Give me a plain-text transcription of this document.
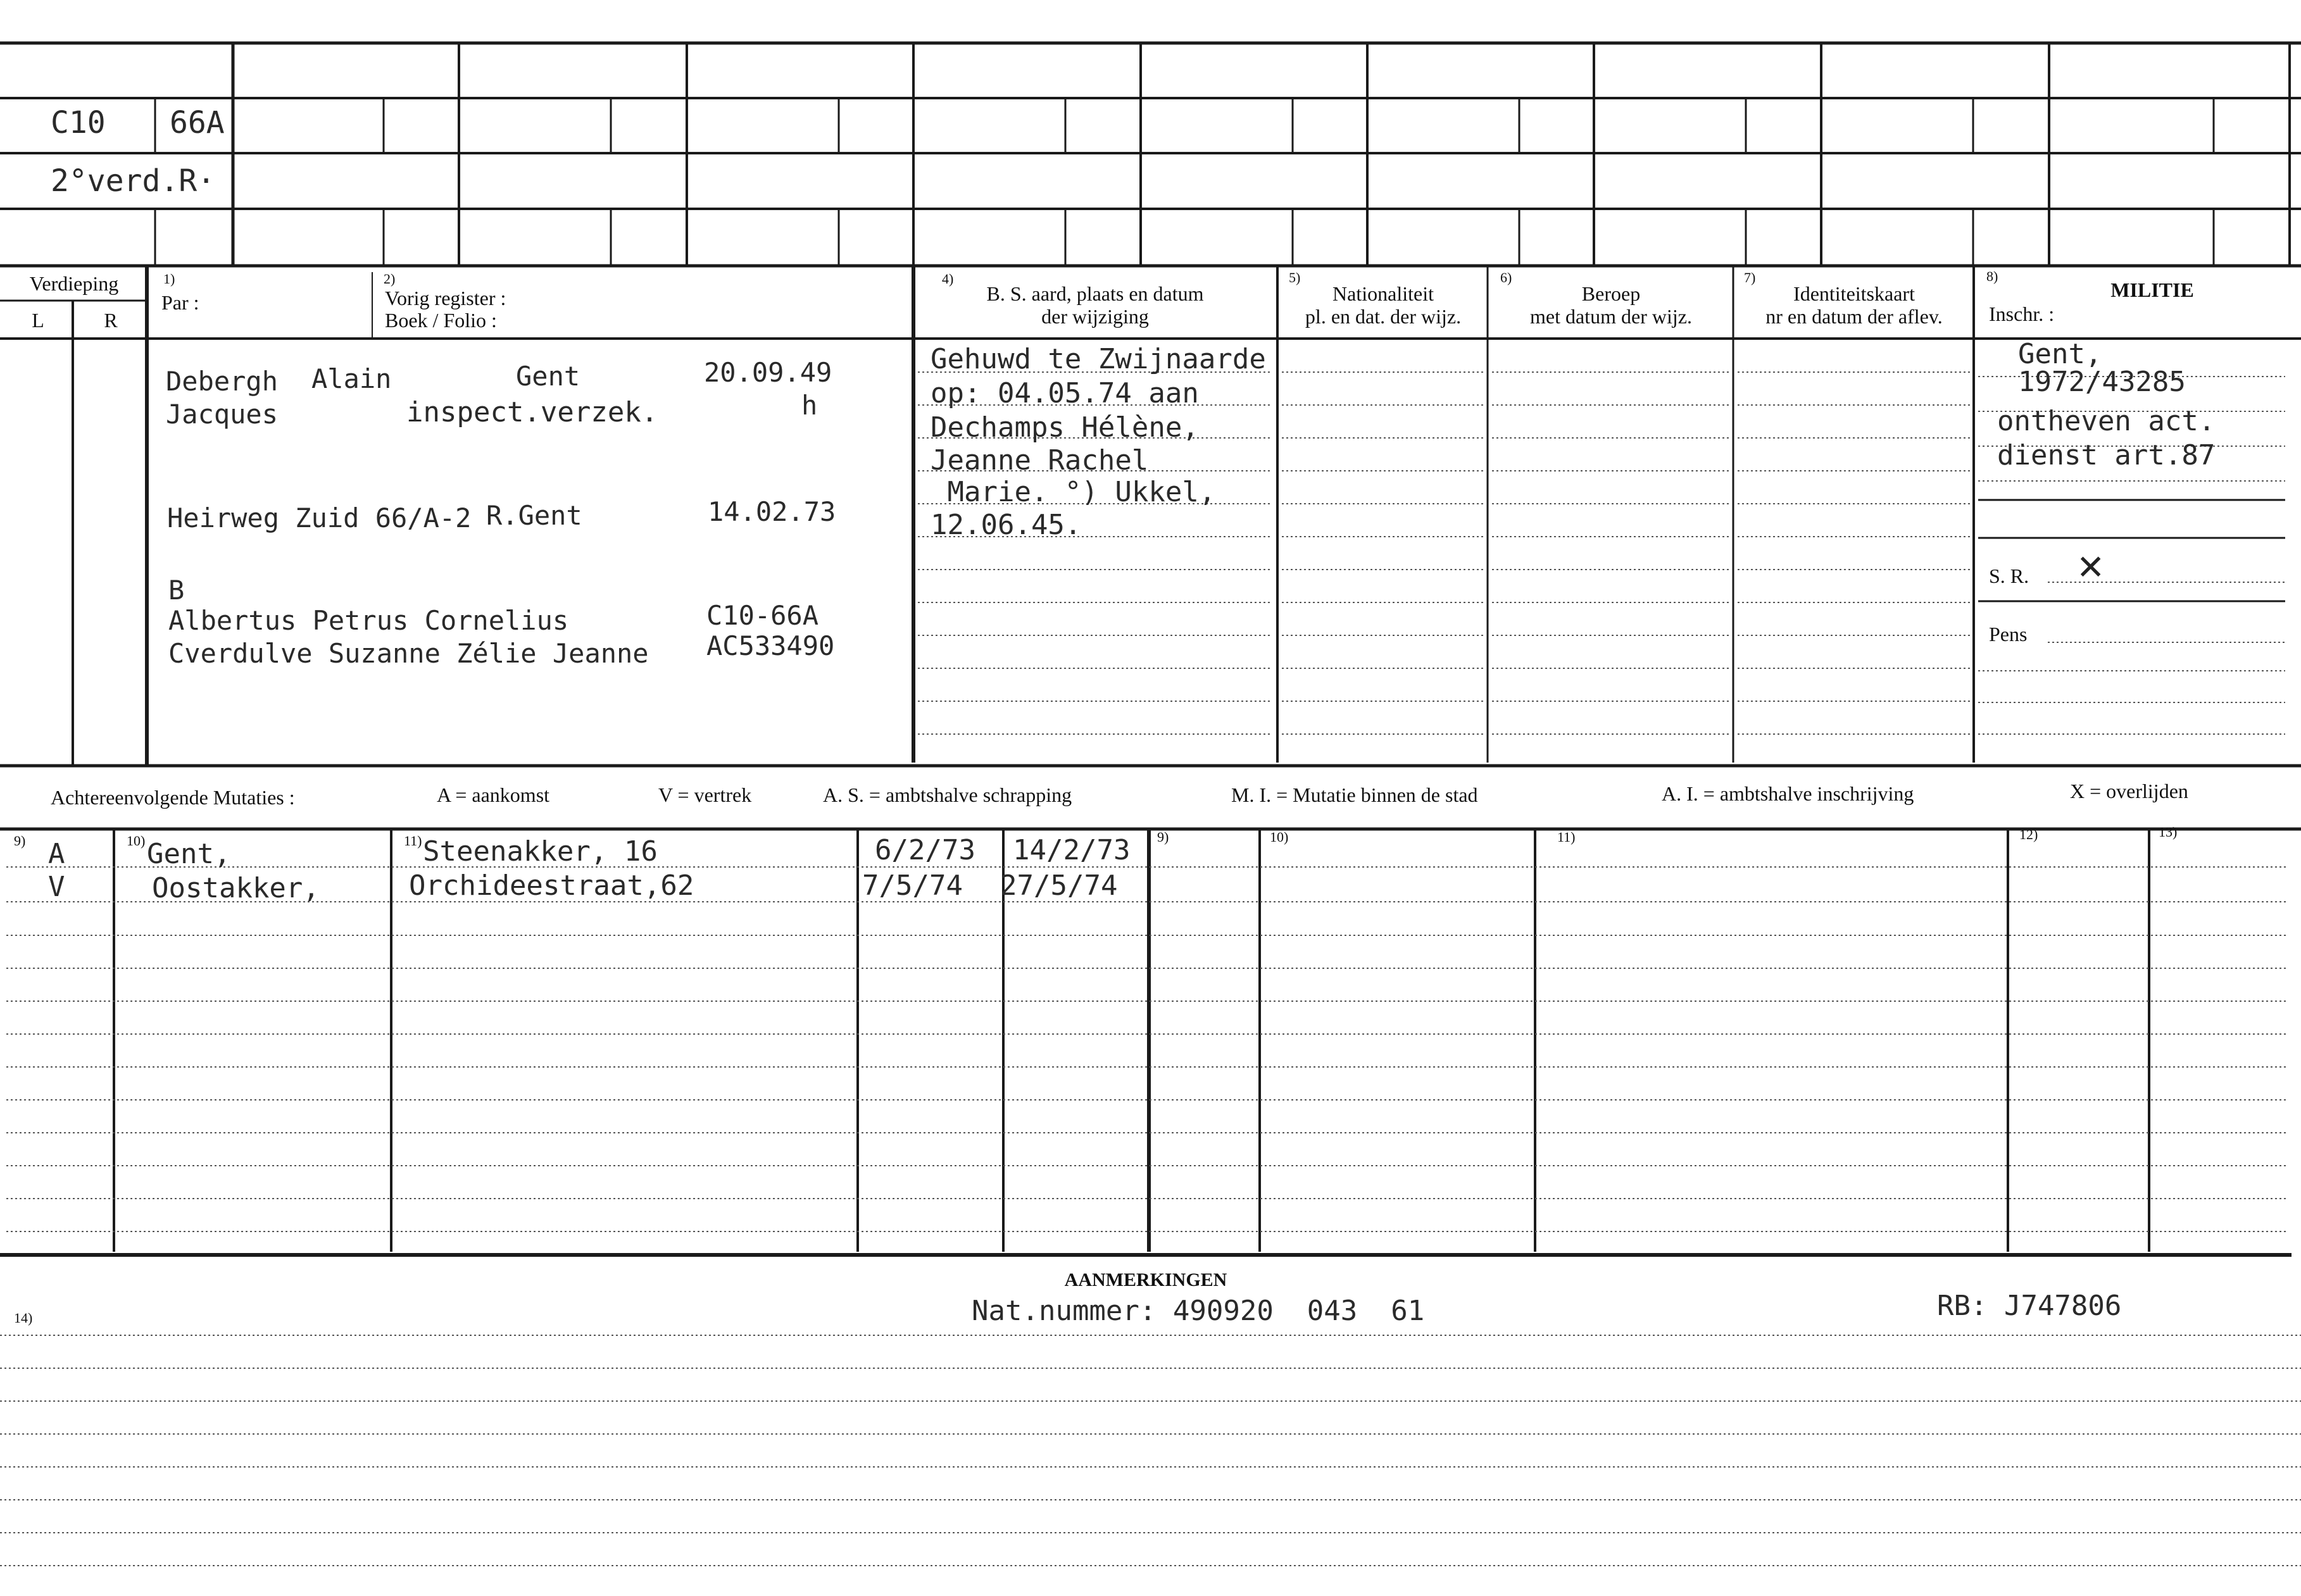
C10 66A
2°verd.R·
Verdieping
L	R
1)
Par :
2)
Vorig register :
Boek / Folio :
4)
B. S. aard, plaats en datum
der wijziging
5)
Nationaliteit
pl. en dat. der wijz.
6)
Beroep
met datum der wijz.
7)
Identiteitskaart
nr en datum der aflev.
8)
MILITIE
Inschr. :
Debergh Alain	Gent	20.09.49
Jacques	inspect.verzek.	h
Heirweg Zuid 66/A-2 R.Gent	14.02.73
B
Albertus Petrus Cornelius	C10-66A
Cverdulve Suzanne Zélie Jeanne AC533490
Gehuwd te Zwijnaarde
op: 04.05.74 aan
Dechamps Hélène,
Jeanne Rachel
Marie. °) Ukkel,
12.06.45.
Gent,
1972/43285
ontheven act.
dienst art.87
S. R. ✕
Pens
Achtereenvolgende Mutaties :	A = aankomst	V = vertrek	A. S. = ambtshalve schrapping	M. I. = Mutatie binnen de stad	A. I. = ambtshalve inschrijving	X = overlijden
9)	10)	11)	9)	10)	11)	12)	13)
A	Gent,	Steenakker, 16	6/2/73 14/2/73
V	Oostakker,	Orchideestraat,62	7/5/74 27/5/74
AANMERKINGEN
14)	Nat.nummer: 490920  043  61	RB: J747806
